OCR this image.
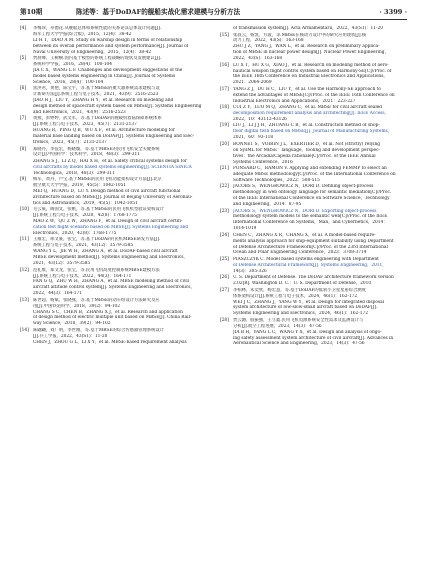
第10期	陈述等：基于DoDAF的舰船实战化需求建模与分析方法	· 3399 ·
[4] 李梅珍，卓德花.从舰船总体和系统性能的关系论其总体设计问题[J].
海军工程大学学报(综合版)，2015，12(4)：38-42
LI H T，DIAO A M. Study on warship design in terms of relationship
between its overall performance and system performance[J]. Journal of
Naval University of Engineering，2015，12(4)：38-42
[5] 贾晨峰，王树桐.国内基于模型的系统工程战略的现状及发展建议[J].
系统科学学报，2016，28(4)：100-104
JIA C X，WANG L F. Challenges and development suggestions of the
model based systems engineering in China[J]. Journal of Systems
Science，2016，28(4)：100-104
[6] 焦洪君，黄艳，陈宝宇，等.基于MBSE的航天器系统需求建模与设
计新研方法[J].系统工程与电子技术，2021，43(9)：2516-2523
JIAO H J，LIU Y，ZHANG H Y，et al. Research on modeling and
design method of spacecraft system based on MBSE[J]. Systems Engineering
and Electronics，2021，43(9)：2516-2523
[7] 黄燕，彭婷婷，武文军，等.基于DoDAF的舰载机着陆保障系统体系
[J].系统工程与电子技术，2023，45(7)：2131-2137
HUANG R，PING Q B，WU X F，et al. Architecture modeling for
material base landing based on DoDAF[J]. Systems Engineering and Elec-
tronics，2023，45(7)：2131-2137
[8] 郑晓丹，李征宏，杨晓璇，等.基于MBSE的民用飞机安全关键系统
设计[J].中国科学：技术科学，2018，48(3)：299-311
ZHANG S J，LI Z Q，HAI X H，et al. Safety critical systems design for
civil aircrafts by model based systems engineering[J]. SCIENTIA SINICA
Technologica，2018，48(3)：299-311
[9] 梅军，黄丹，卢宝.基于MBSE的民用飞机功能架构设计方法[J].北京
航空航天大学学报，2019，45(5)：1042-1051
MEI Q，HUANG D，LU Y. Design method of civil aircraft functional
architecture based on MBSE[J]. Journal of Beijing University of Aeronau-
tics and Astronautics，2019，45(5)：1042-1051
[10] 毛云威，陶国文，张帆，等.基于MBSE的民用飞机机型验证架构设计
[J].系统工程与电子技术，2020，42(8)：1768-1775
MAO Z W，QU Z W，ZHANG F，et al. Design of civil aircraft certifi-
cation test flight scenario based on MBSE[J]. Systems Engineering and
Electronics，2020，42(8)：1768-1775
[11] 王雍宏，邢文豪，张宝，等.基于DoDAF的民机MBSE研发方法[J].
系统工程与电子技术，2021，43(12)：3579-3585
WANG Y L，JIE W H，ZHANG A，et al. DoDAF-based civil aircraft
MBSE development method[J]. Systems Engineering and Electronics，
2021，43(12)：3579-3585
[12] 范礼维，郑文龙，张宝，等.民用飞机高度控制系统MBSE建模方法
[J].系统工程与电子技术，2022，44(3)：164-171
FAN G Q，ZHU W H，ZHANG A，et al. MBSE modeling method of civil
aircraft altitude control system[J]. Systems Engineering and Electronics，
2022，44(3)：164-171
[13] 陈世超，杨斌，张晓燕，等.基于MBSE的动车组设计方法研究及应
用[J].中国铁道科学，2018，39(2)：94-102
CHANG S C，CHEN B，ZHANG X J，et al. Research and application
of design method of electric multiple unit based on MBSE[J]. China Rail-
way Science，2018，39(2)：94-102
[14] 陈翩翩，刘广明，李世刚，等.基于MBSE的综合传感器管理系统设计
[J].兵工学报，2022，43(S1)：11-20
CHEN J，ZHOU G L，LI X Y，et al. MBSE-based requirement analysis
of transmission system[J]. Acta Armamentarii，2022，43(S1)：11-20
[15] 张叔云，杨凯，方波，等.MBSE在核动力设计中的研究应用现状[J].核
动力工程，2022，43(S)：163-168
ZHU J Z，YANG J，WAN L，et al. Research on preliminary applica-
tion of MBSE in nuclear power design[J]. Nuclear Power Engineering，
2022，43(S)：163-168
[16] LU X T，HU X G，XIAO J，et al. Research on modeling method of aero-
nautical weapon flight control system based on Harmony-SE[C]//Proc. of
the IEEE 16th Conference on Industrial Electronics and Applications，
2021：2064-2069
[17] YANG Z J，DU H C，LIU Y，et al. Use the Harmony-SE approach to
extend the advantages of MBSE[C]//Proc. of the IEEE 16th Conference on
Industrial Electronics and Applications，2021：223-227
[18] CUI Z Y，LUO M Q，ZHANG C，et al. MBSE for civil aircraft sealed
decomposition requirement analysis and architecting[J]. IEEE Access，
2022，10：43112-43126
[19] LIU J，LI J J H，ZHUANG C B，et al. Construction method of shop-
floor digital twin based on MBSE[J]. Journal of Manufacturing Systems，
2021，60：93-118
[20] BONNET S，VOIRIN J L，EXERTIER D，et al. Not (strictly) relying
on SysML for MBSE：language，tooling and development perspec-
tives：the Arcadia/Capella rationale[C]//Proc. of the IEEE Annual
Systems Conference，2016
[21] PONSARD C，RAMON V. Applying and extending FEMMP to select an
adequate MBSE methodology[C]//Proc. of the International Conference on
Software Technologies，2022：508-515
[22] JACOBS S，WENGROWICZ N，DORI D. Defining object-process
methodology in web ontology language for semantic mediation[C]//Proc.
of the IEEE International Conference on Software Science，Technology
and Engineering，2014：87-95
[23] JACOBS S，WENGROWICZ N，DORI D. Exporting object-process
methodology system models to the semantic web[C]//Proc. of the IEEE
International Conference on Systems，Man，and Cybernetics，2014：
1014-1019
[24] CHEN C，ZHANG X R，CHANG X，et al. A model-based require-
ments analysis approach for ship-equipment suitability using Department
of Defense Architecture Framework[C]//Proc. of the 23rd International
Ocean and Polar Engineering Conference，2023：3708-3714
[25] PIASZCZYK C. Model based systems engineering with Department
of Defense Architectural Framework[J]. Systems Engineering，2011，
14(3)：305-326
[26] U. S. Department of Defense. The DoDAF architecture framework version
2.02[R]. Washington D. C.：U. S. Department of Defense，2010
[27] 李柏林，朱奕欣，杨宏慧，等.基于DoDAF的低轨小卫星星座综合测度
体系架构设计[J].系统工程与电子技术，2024，46(1)：162-172
WEI J C，ZHANG J，YANG W Y，et al. Design for integrated disposal
system architecture of low-slow-small aircraft based on DoDAF[J].
Systems Engineering and Electronics，2024，46(1)：162-172
[28] 贾云潞，殷振强，王立鑫.民用飞机电源系统安全性需求及监测设计与
分析[J].航空工程进展，2023，14(3)：47-56
JIA B H，YANG L C，WANG Y X，et al. Design and analysis of ongo-
ing safety assessment system architecture of civil aircraft[J]. Advances in
Aeronautical Science and Engineering，2023，14(3)：47-56
